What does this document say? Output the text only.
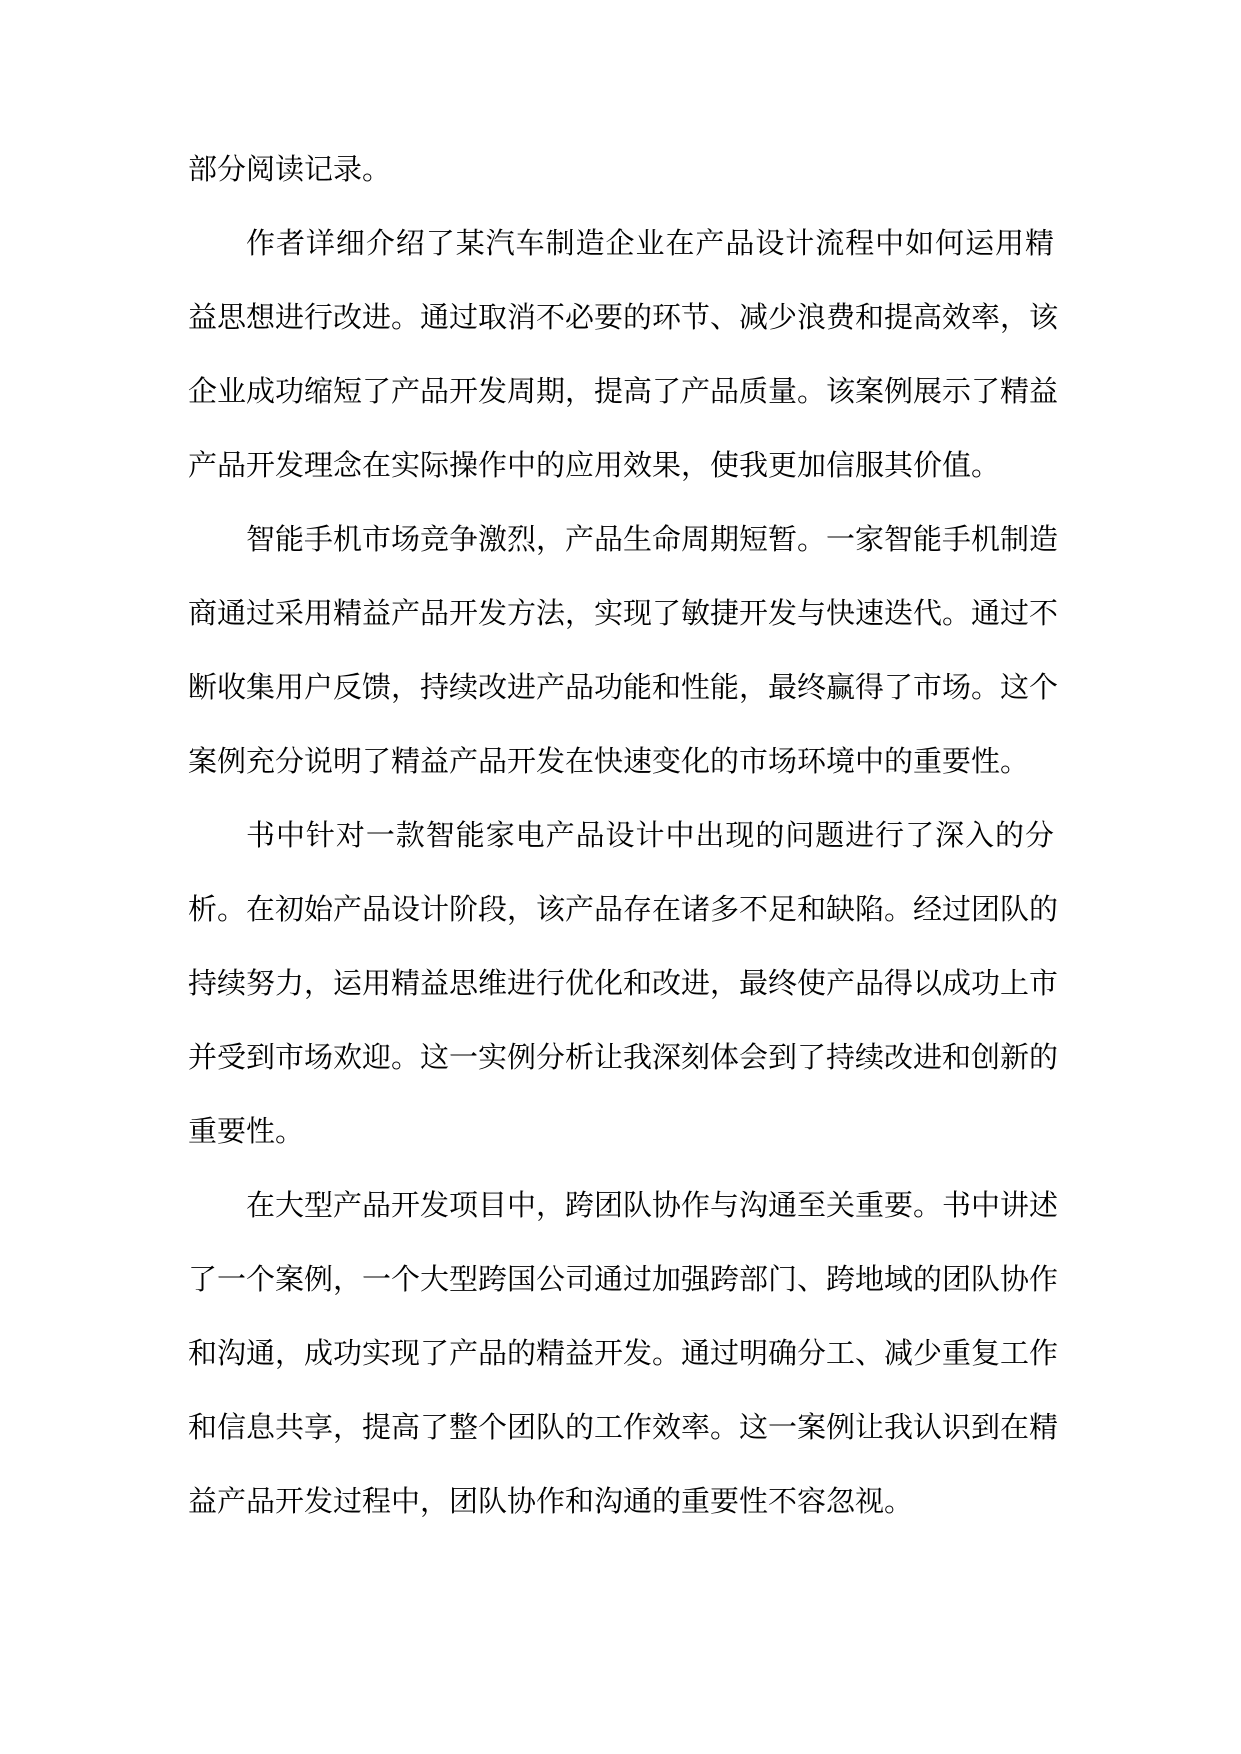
部分阅读记录。
作者详细介绍了某汽车制造企业在产品设计流程中如何运用精
益思想进行改进。通过取消不必要的环节、减少浪费和提高效率，该
企业成功缩短了产品开发周期，提高了产品质量。该案例展示了精益
产品开发理念在实际操作中的应用效果，使我更加信服其价值。
智能手机市场竞争激烈，产品生命周期短暂。一家智能手机制造
商通过采用精益产品开发方法，实现了敏捷开发与快速迭代。通过不
断收集用户反馈，持续改进产品功能和性能，最终赢得了市场。这个
案例充分说明了精益产品开发在快速变化的市场环境中的重要性。
书中针对一款智能家电产品设计中出现的问题进行了深入的分
析。在初始产品设计阶段，该产品存在诸多不足和缺陷。经过团队的
持续努力，运用精益思维进行优化和改进，最终使产品得以成功上市
并受到市场欢迎。这一实例分析让我深刻体会到了持续改进和创新的
重要性。
在大型产品开发项目中，跨团队协作与沟通至关重要。书中讲述
了一个案例，一个大型跨国公司通过加强跨部门、跨地域的团队协作
和沟通，成功实现了产品的精益开发。通过明确分工、减少重复工作
和信息共享，提高了整个团队的工作效率。这一案例让我认识到在精
益产品开发过程中，团队协作和沟通的重要性不容忽视。
